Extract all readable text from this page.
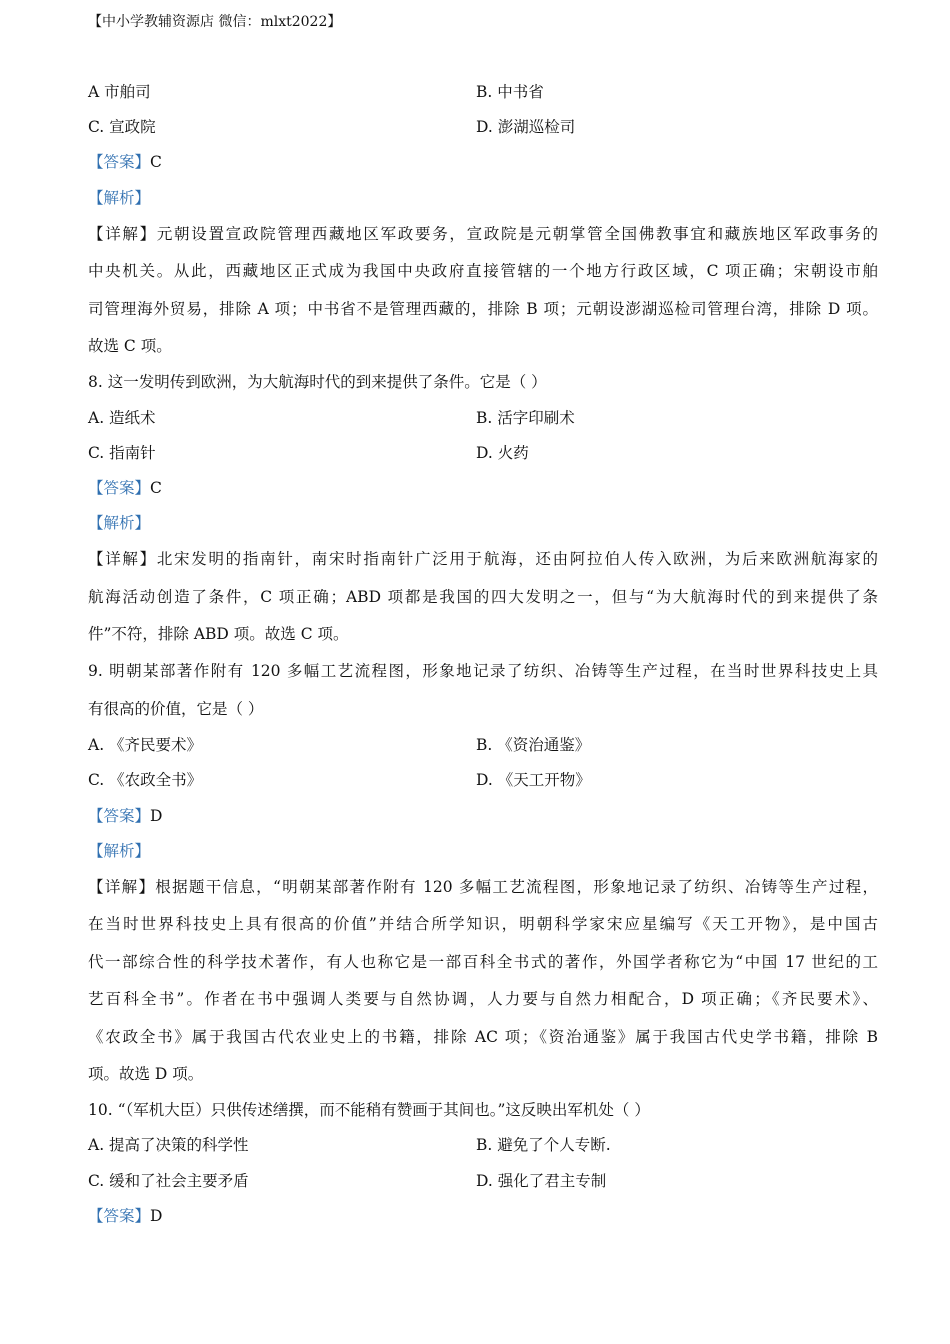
【中小学教辅资源店 微信：mlxt2022】
A 市舶司	B. 中书省
C. 宣政院	D. 澎湖巡检司
【答案】C
【解析】
【详解】元朝设置宣政院管理西藏地区军政要务，宣政院是元朝掌管全国佛教事宜和藏族地区军政事务的
中央机关。从此，西藏地区正式成为我国中央政府直接管辖的一个地方行政区域，C 项正确；宋朝设市舶
司管理海外贸易，排除 A 项；中书省不是管理西藏的，排除 B 项；元朝设澎湖巡检司管理台湾，排除 D 项。
故选 C 项。
8. 这一发明传到欧洲，为大航海时代的到来提供了条件。它是（ ）
A. 造纸术	B. 活字印刷术
C. 指南针	D. 火药
【答案】C
【解析】
【详解】北宋发明的指南针，南宋时指南针广泛用于航海，还由阿拉伯人传入欧洲，为后来欧洲航海家的
航海活动创造了条件，C 项正确；ABD 项都是我国的四大发明之一，但与“为大航海时代的到来提供了条
件”不符，排除 ABD 项。故选 C 项。
9. 明朝某部著作附有 120 多幅工艺流程图，形象地记录了纺织、冶铸等生产过程，在当时世界科技史上具
有很高的价值，它是（ ）
A. 《齐民要术》	B. 《资治通鉴》
C. 《农政全书》	D. 《天工开物》
【答案】D
【解析】
【详解】根据题干信息，“明朝某部著作附有 120 多幅工艺流程图，形象地记录了纺织、冶铸等生产过程，
在当时世界科技史上具有很高的价值”并结合所学知识，明朝科学家宋应星编写《天工开物》，是中国古
代一部综合性的科学技术著作，有人也称它是一部百科全书式的著作，外国学者称它为“中国 17 世纪的工
艺百科全书”。作者在书中强调人类要与自然协调，人力要与自然力相配合，D 项正确；《齐民要术》、
《农政全书》属于我国古代农业史上的书籍，排除 AC 项；《资治通鉴》属于我国古代史学书籍，排除 B
项。故选 D 项。
10. “（军机大臣）只供传述缮撰，而不能稍有赞画于其间也。”这反映出军机处（ ）
A. 提高了决策的科学性	B. 避免了个人专断.
C. 缓和了社会主要矛盾	D. 强化了君主专制
【答案】D
